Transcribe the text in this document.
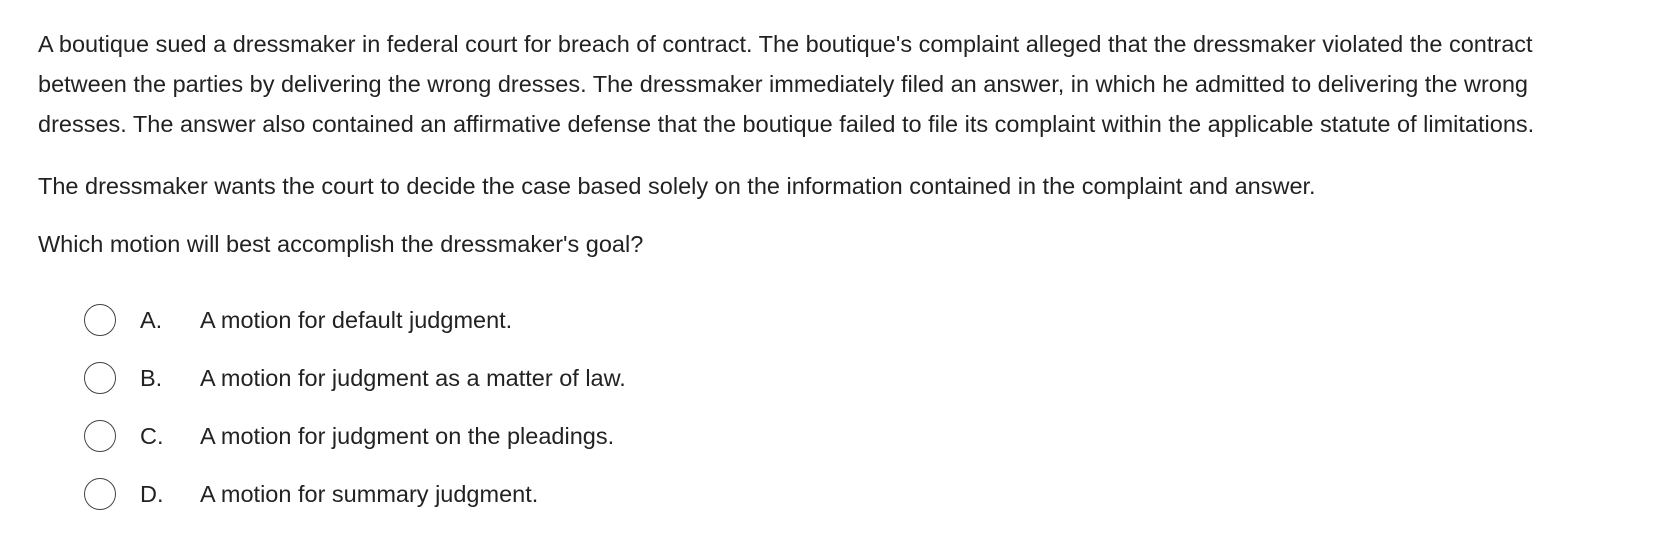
A boutique sued a dressmaker in federal court for breach of contract. The boutique's complaint alleged that the dressmaker violated the contract
between the parties by delivering the wrong dresses. The dressmaker immediately filed an answer, in which he admitted to delivering the wrong
dresses. The answer also contained an affirmative defense that the boutique failed to file its complaint within the applicable statute of limitations.
The dressmaker wants the court to decide the case based solely on the information contained in the complaint and answer.
Which motion will best accomplish the dressmaker's goal?
A. A motion for default judgment.
B. A motion for judgment as a matter of law.
C. A motion for judgment on the pleadings.
D. A motion for summary judgment.
